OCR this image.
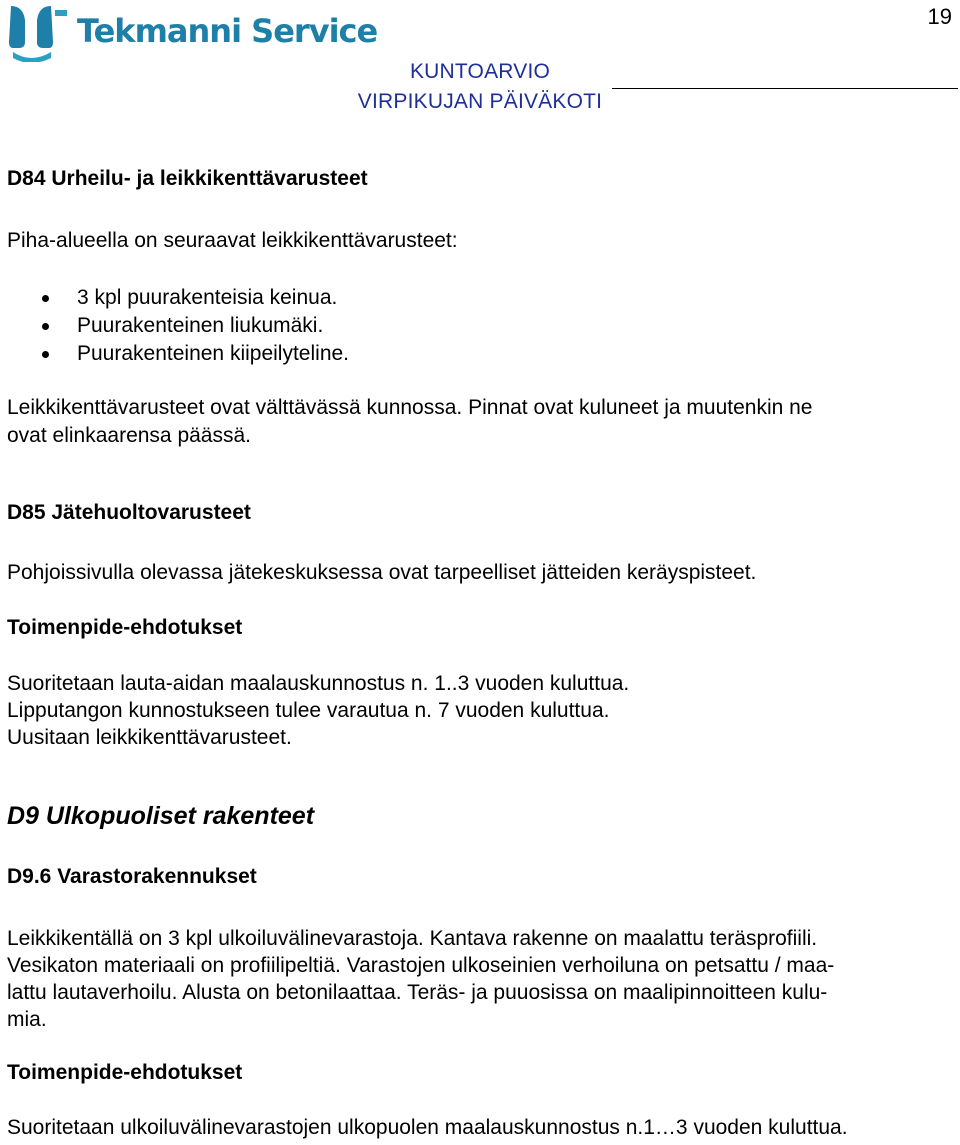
Tekmanni Service	19
KUNTOARVIO
VIRPIKUJAN PÄIVÄKOTI

D84 Urheilu- ja leikkikenttävarusteet

Piha-alueella on seuraavat leikkikenttävarusteet:

3 kpl puurakenteisia keinua.
Puurakenteinen liukumäki.
Puurakenteinen kiipeilyteline.

Leikkikenttävarusteet ovat välttävässä kunnossa. Pinnat ovat kuluneet ja muutenkin ne

ovat elinkaarensa päässä.

D85 Jätehuoltovarusteet

Pohjoissivulla olevassa jätekeskuksessa ovat tarpeelliset jätteiden keräyspisteet.

Toimenpide-ehdotukset

Suoritetaan lauta-aidan maalauskunnostus n. 1..3 vuoden kuluttua.

Lipputangon kunnostukseen tulee varautua n. 7 vuoden kuluttua.

Uusitaan leikkikenttävarusteet.

D9 Ulkopuoliset rakenteet

D9.6 Varastorakennukset

Leikkikentällä on 3 kpl ulkoiluvälinevarastoja. Kantava rakenne on maalattu teräsprofiili.

Vesikaton materiaali on profiilipeltiä. Varastojen ulkoseinien verhoiluna on petsattu / maa-

lattu lautaverhoilu. Alusta on betonilaattaa. Teräs- ja puuosissa on maalipinnoitteen kulu-

mia.

Toimenpide-ehdotukset

Suoritetaan ulkoiluvälinevarastojen ulkopuolen maalauskunnostus n.1…3 vuoden kuluttua.
